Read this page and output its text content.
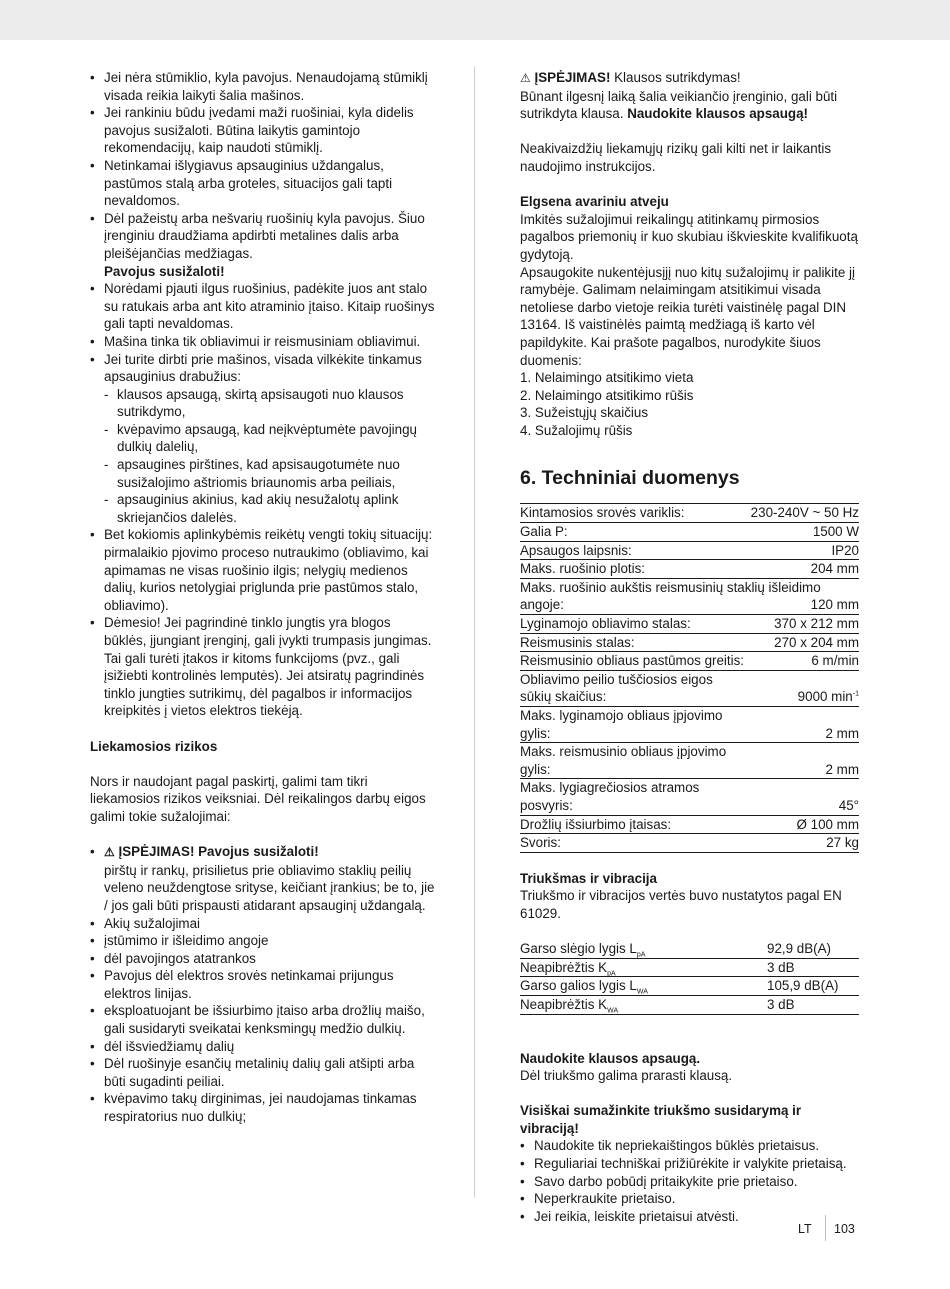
• Jei nėra stūmiklio, kyla pavojus. Nenaudojamą stūmiklį visada reikia laikyti šalia mašinos.
• Jei rankiniu būdu įvedami maži ruošiniai, kyla didelis pavojus susižaloti. Būtina laikytis gamintojo rekomendacijų, kaip naudoti stūmiklį.
• Netinkamai išlygiavus apsauginius uždangalus, pastūmos stalą arba groteles, situacijos gali tapti nevaldomos.
• Dėl pažeistų arba nešvarių ruošinių kyla pavojus. Šiuo įrenginiu draudžiama apdirbti metalines dalis arba pleišėjančias medžiagas.
Pavojus susižaloti!
• Norėdami pjauti ilgus ruošinius, padėkite juos ant stalo su ratukais arba ant kito atraminio įtaiso. Kitaip ruošinys gali tapti nevaldomas.
• Mašina tinka tik obliavimui ir reismusiniam obliavimui.
• Jei turite dirbti prie mašinos, visada vilkėkite tinkamus apsauginius drabužius:
- klausos apsaugą, skirtą apsisaugoti nuo klausos sutrikdymo,
- kvėpavimo apsaugą, kad neįkvėptumėte pavojingų dulkių dalelių,
- apsaugines pirštines, kad apsisaugotumėte nuo susižalojimo aštriomis briaunomis arba peiliais,
- apsauginius akinius, kad akių nesužalotų aplink skriejančios dalelės.
• Bet kokiomis aplinkybėmis reikėtų vengti tokių situacijų: pirmalaikio pjovimo proceso nutraukimo (obliavimo, kai apimamas ne visas ruošinio ilgis; nelygių medienos dalių, kurios netolygiai priglunda prie pastūmos stalo, obliavimo).
• Dėmesio! Jei pagrindinė tinklo jungtis yra blogos būklės, įjungiant įrenginį, gali įvykti trumpasis jungimas. Tai gali turėti įtakos ir kitoms funkcijoms (pvz., gali įsižiebti kontrolinės lemputės). Jei atsiratų pagrindinės tinklo jungties sutrikimų, dėl pagalbos ir informacijos kreipkitės į vietos elektros tiekėją.

Liekamosios rizikos

Nors ir naudojant pagal paskirtį, galimi tam tikri liekamosios rizikos veiksniai. Dėl reikalingos darbų eigos galimi tokie sužalojimai:

• ⚠ ĮSPĖJIMAS! Pavojus susižaloti!
pirštų ir rankų, prisilietus prie obliavimo staklių peilių veleno neuždengtose srityse, keičiant įrankius; be to, jie / jos gali būti prispausti atidarant apsauginį uždangalą.
• Akių sužalojimai
• įstūmimo ir išleidimo angoje
• dėl pavojingos atatrankos
• Pavojus dėl elektros srovės netinkamai prijungus elektros linijas.
• eksploatuojant be išsiurbimo įtaiso arba drožlių maišo, gali susidaryti sveikatai kenksmingų medžio dulkių.
• dėl išsviedžiamų dalių
• Dėl ruošinyje esančių metalinių dalių gali atšipti arba būti sugadinti peiliai.
• kvėpavimo takų dirginimas, jei naudojamas tinkamas respiratorius nuo dulkių;

⚠ ĮSPĖJIMAS! Klausos sutrikdymas!

Būnant ilgesnį laiką šalia veikiančio įrenginio, gali būti sutrikdyta klausa. Naudokite klausos apsaugą!

Neakivaizdžių liekamųjų rizikų gali kilti net ir laikantis naudojimo instrukcijos.

Elgsena avariniu atveju

Imkitės sužalojimui reikalingų atitinkamų pirmosios pagalbos priemonių ir kuo skubiau iškvieskite kvalifikuotą gydytoją.

Apsaugokite nukentėjusįjį nuo kitų sužalojimų ir palikite jį ramybėje. Galimam nelaimingam atsitikimui visada netoliese darbo vietoje reikia turėti vaistinėlę pagal DIN 13164. Iš vaistinėlės paimtą medžiagą iš karto vėl papildykite. Kai prašote pagalbos, nurodykite šiuos duomenis:

1. Nelaimingo atsitikimo vieta

2. Nelaimingo atsitikimo rūšis

3. Sužeistųjų skaičius

4. Sužalojimų rūšis

6. Techniniai duomenys
Kintamosios srovės variklis:	230-240V ~ 50 Hz
Galia P:	1500 W
Apsaugos laipsnis:	IP20
Maks. ruošinio plotis:	204 mm
Maks. ruošinio aukštis reismusinių staklių išleidimo	
angoje:	120 mm
Lyginamojo obliavimo stalas:	370 x 212 mm
Reismusinis stalas:	270 x 204 mm
Reismusinio obliaus pastūmos greitis:	6 m/min
Obliavimo peilio tuščiosios eigos	
sūkių skaičius:	9000 $\min^{-1}$
Maks. lyginamojo obliaus įpjovimo gylis:	2 mm
Maks. reismusinio obliaus įpjovimo gylis:	2 mm
Maks. lygiagrečiosios atramos posvyris:	45°
Drožlių išsiurbimo įtaisas:	Ø 100 mm
Svoris:	27 kg

Triukšmas ir vibracija

Triukšmo ir vibracijos vertės buvo nustatytos pagal EN 61029.

Garso slėgio lygis $L_{pA}$	92,9 dB(A)
Neapibrėžtis $K_{pA}$	3 dB
Garso galios lygis $L_{WA}$	105,9 dB(A)
Neapibrėžtis $K_{WA}$	3 dB

Naudokite klausos apsaugą.

Dėl triukšmo galima prarasti klausą.

Visiškai sumažinkite triukšmo susidarymą ir vibraciją!

• Naudokite tik nepriekaištingos būklės prietaisus.
• Reguliariai techniškai prižiūrėkite ir valykite prietaisą.
• Savo darbo pobūdį pritaikykite prie prietaiso.
• Neperkraukite prietaiso.
• Jei reikia, leiskite prietaisui atvėsti.
LT 103
